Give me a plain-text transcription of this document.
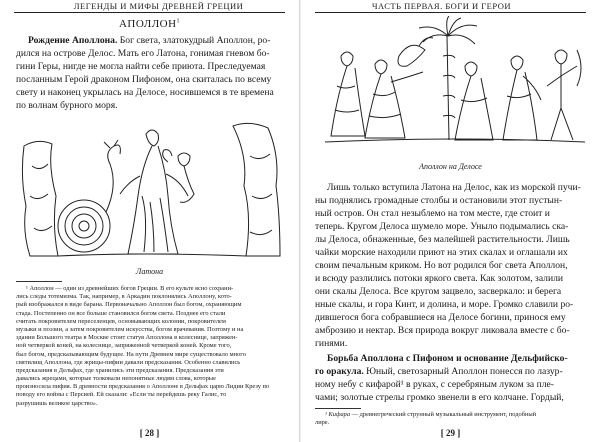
ЛЕГЕНДЫ И МИФЫ ДРЕВНЕЙ ГРЕЦИИ
АПОЛЛОН$^1$
Рождение Аполлона. Бог света, златокудрый Аполлон, ро-
дился на острове Делос. Мать его Латона, гонимая гневом бо-
гини Геры, нигде не могла найти себе приюта. Преследуемая
посланным Герой драконом Пифоном, она скиталась по всему
свету и наконец укрылась на Делосе, носившемся в те времена
по волнам бурного моря.
Латона
¹ Аполлон — один из древнейших богов Греции. В его культе ясно сохрани-
лись следы тотемизма. Так, например, в Аркадии поклонялись Аполлону, кото-
рый изображался в виде барана. Первоначально Аполлон был богом, охраняющим
стада. Постепенно он все больше становился богом света. Позднее его стали
считать покровителем переселенцев, основывающих колонии, покровителем
музыки и поэзии, а затем покровителем искусства, богом врачевания. Позтому и на
здании Большого театра в Москве стоит статуя Аполлона в колеснице, запряжен-
ной четверкой коней, на колеснице, запряженной четверкой коней. Кроме того,
был богом, предсказывающим будущее. На пути Древнем мире существовало много
святилищ Аполлона, где жрицы-пифии давали предсказания. Особенно славились
предсказания в Дельфах, где хранились эти предсказания. Предсказания эти
давались жрецами, которые толковали непонятные людям слова, которые
произносила пифия. В древности предсказания о Аполлоне в Дельфах царю Лидии Крезу по
поводу его войны с Персией. Ей сказали: «Если ты перейдешь реку Галис, то
разрушишь великое царство».
[ 28 ]
ЧАСТЬ ПЕРВАЯ. БОГИ И ГЕРОИ
Аполлон на Делосе
Лишь только вступила Латона на Делос, как из морской пучи-
ны поднялись громадные столбы и остановили этот пустын-
ный остров. Он стал незыблемо на том месте, где стоит и
теперь. Кругом Делоса шумело море. Уныло подымались ска-
лы Делоса, обнаженные, без малейшей растительности. Лишь
чайки морские находили приют на этих скалах и оглашали их
своим печальным криком. Но вот родился бог света Аполлон,
и всюду разлились потоки яркого света. Как золотом, залили
они скалы Делоса. Все кругом зацвело, засверкало: и берега
нные скалы, и гора Кинт, и долина, и море. Громко славили ро-
дившегося бога собравшиеся на Делосе богини, принося ему
амброзию и нектар. Вся природа вокруг ликовала вместе с бо-
гинями.
Борьба Аполлона с Пифоном и основание Дельфийско-
го оракула. Юный, светозарный Аполлон понесся по лазур-
ному небу с кифарой¹ в руках, с серебряным луком за пле-
чами; золотые стрелы громко звенели в его колчане. Гордый,
¹ Кифара — древнегреческий струнный музыкальный инструмент, подобный
лире.
[ 29 ]
